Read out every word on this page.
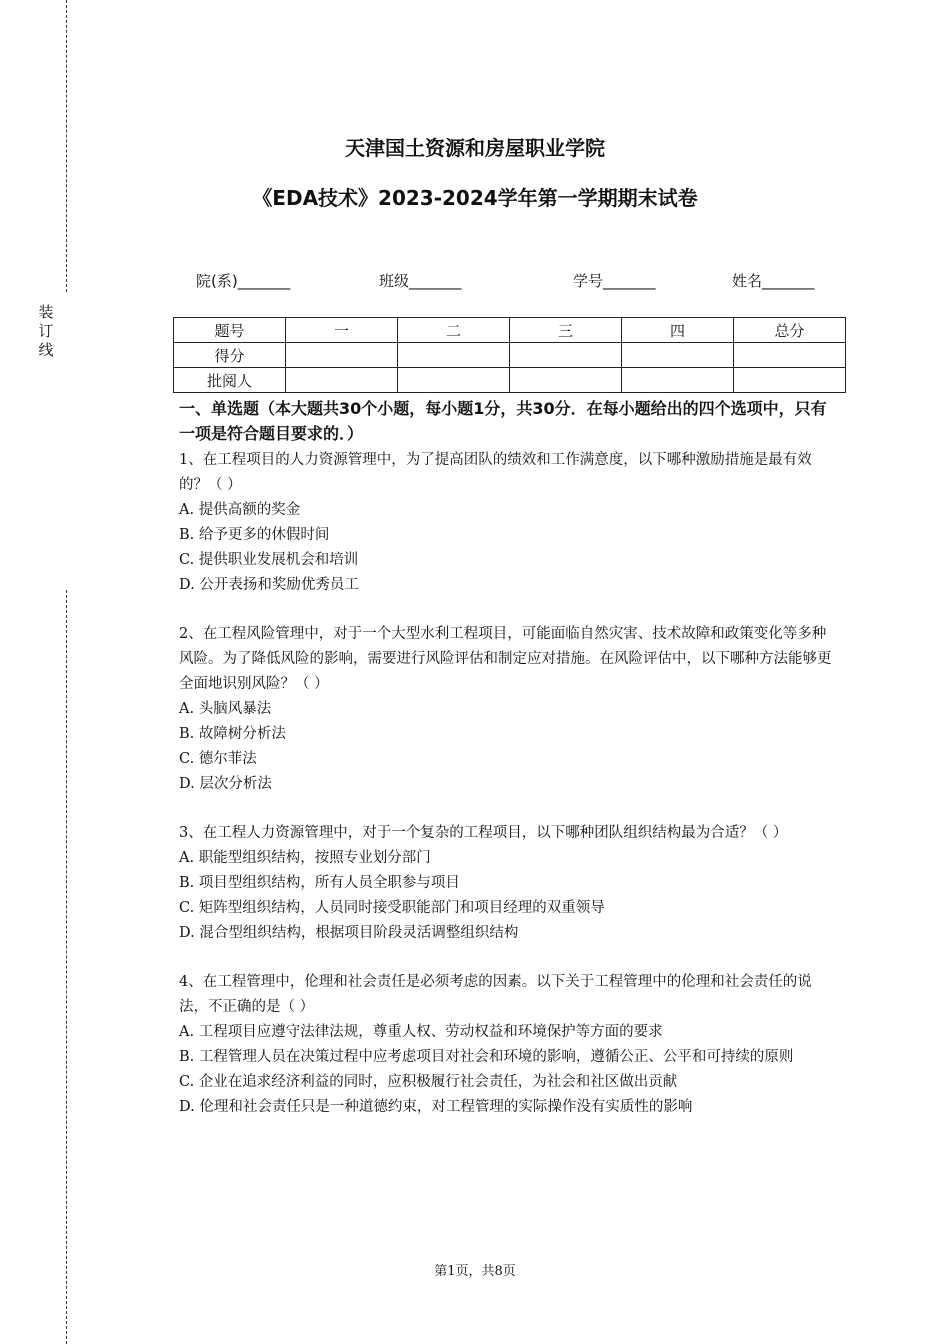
装
订
线
天津国土资源和房屋职业学院
《EDA技术》2023-2024学年第一学期期末试卷
院(系)_______	班级_______	学号_______	姓名_______
题号	一	二	三	四	总分
得分					
批阅人					

一、单选题（本大题共30个小题，每小题1分，共30分．在每小题给出的四个选项中，只有一项是符合题目要求的．）

1、在工程项目的人力资源管理中，为了提高团队的绩效和工作满意度，以下哪种激励措施是最有效的？（ ）

A. 提供高额的奖金

B. 给予更多的休假时间

C. 提供职业发展机会和培训

D. 公开表扬和奖励优秀员工

2、在工程风险管理中，对于一个大型水利工程项目，可能面临自然灾害、技术故障和政策变化等多种风险。为了降低风险的影响，需要进行风险评估和制定应对措施。在风险评估中，以下哪种方法能够更全面地识别风险？（ ）

A. 头脑风暴法

B. 故障树分析法

C. 德尔菲法

D. 层次分析法

3、在工程人力资源管理中，对于一个复杂的工程项目，以下哪种团队组织结构最为合适？（ ）

A. 职能型组织结构，按照专业划分部门

B. 项目型组织结构，所有人员全职参与项目

C. 矩阵型组织结构，人员同时接受职能部门和项目经理的双重领导

D. 混合型组织结构，根据项目阶段灵活调整组织结构

4、在工程管理中，伦理和社会责任是必须考虑的因素。以下关于工程管理中的伦理和社会责任的说法，不正确的是（ ）

A. 工程项目应遵守法律法规，尊重人权、劳动权益和环境保护等方面的要求

B. 工程管理人员在决策过程中应考虑项目对社会和环境的影响，遵循公正、公平和可持续的原则

C. 企业在追求经济利益的同时，应积极履行社会责任，为社会和社区做出贡献

D. 伦理和社会责任只是一种道德约束，对工程管理的实际操作没有实质性的影响

第1页，共8页
